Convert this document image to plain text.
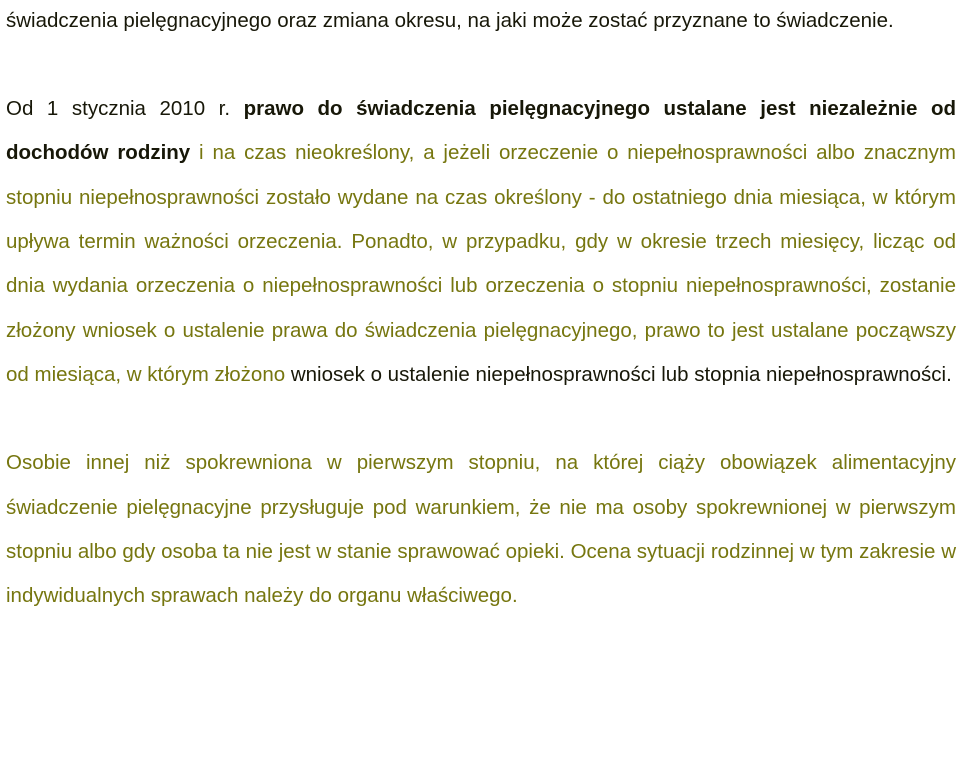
świadczenia pielęgnacyjnego oraz zmiana okresu, na jaki może zostać przyznane to świadczenie.

Od 1 stycznia 2010 r. prawo do świadczenia pielęgnacyjnego ustalane jest niezależnie od dochodów rodziny i na czas nieokreślony, a jeżeli orzeczenie o niepełnosprawności albo znacznym stopniu niepełnosprawności zostało wydane na czas określony - do ostatniego dnia miesiąca, w którym upływa termin ważności orzeczenia. Ponadto, w przypadku, gdy w okresie trzech miesięcy, licząc od dnia wydania orzeczenia o niepełnosprawności lub orzeczenia o stopniu niepełnosprawności, zostanie złożony wniosek o ustalenie prawa do świadczenia pielęgnacyjnego, prawo to jest ustalane począwszy od miesiąca, w którym złożono wniosek o ustalenie niepełnosprawności lub stopnia niepełnosprawności.

Osobie innej niż spokrewniona w pierwszym stopniu, na której ciąży obowiązek alimentacyjny świadczenie pielęgnacyjne przysługuje pod warunkiem, że nie ma osoby spokrewnionej w pierwszym stopniu albo gdy osoba ta nie jest w stanie sprawować opieki. Ocena sytuacji rodzinnej w tym zakresie w indywidualnych sprawach należy do organu właściwego.
